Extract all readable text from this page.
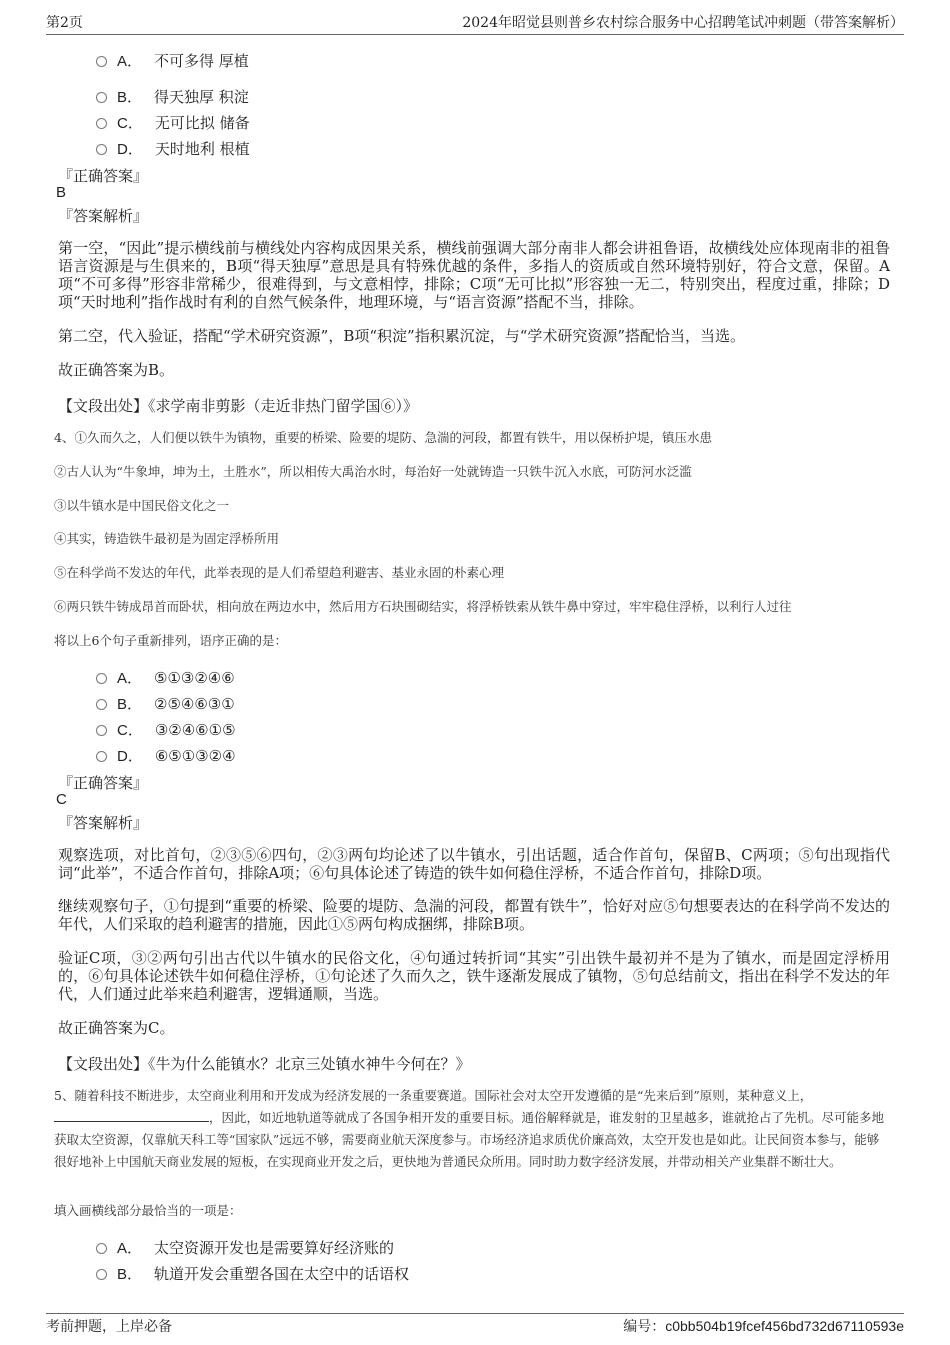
第2页	2024年昭觉县则普乡农村综合服务中心招聘笔试冲刺题（带答案解析）
A． 不可多得 厚植
B． 得天独厚 积淀
C． 无可比拟 储备
D． 天时地利 根植
『正确答案』
B
『答案解析』
第一空，“因此”提示横线前与横线处内容构成因果关系，横线前强调大部分南非人都会讲祖鲁语，故横线处应体现南非的祖鲁语言资源是与生俱来的，B项“得天独厚”意思是具有特殊优越的条件，多指人的资质或自然环境特别好，符合文意，保留。A项“不可多得”形容非常稀少，很难得到，与文意相悖，排除；C项“无可比拟”形容独一无二，特别突出，程度过重，排除；D项“天时地利”指作战时有利的自然气候条件，地理环境，与“语言资源”搭配不当，排除。
第二空，代入验证，搭配“学术研究资源”，B项“积淀”指积累沉淀，与“学术研究资源”搭配恰当，当选。
故正确答案为B。
【文段出处】《求学南非剪影（走近非热门留学国⑥）》
4、①久而久之，人们便以铁牛为镇物，重要的桥梁、险要的堤防、急湍的河段，都置有铁牛，用以保桥护堤，镇压水患
②古人认为“牛象坤，坤为土，土胜水”，所以相传大禹治水时，每治好一处就铸造一只铁牛沉入水底，可防河水泛滥
③以牛镇水是中国民俗文化之一
④其实，铸造铁牛最初是为固定浮桥所用
⑤在科学尚不发达的年代，此举表现的是人们希望趋利避害、基业永固的朴素心理
⑥两只铁牛铸成昂首而卧状，相向放在两边水中，然后用方石块围砌结实，将浮桥铁索从铁牛鼻中穿过，牢牢稳住浮桥，以利行人过往
将以上6个句子重新排列，语序正确的是：
A． ⑤①③②④⑥
B． ②⑤④⑥③①
C． ③②④⑥①⑤
D． ⑥⑤①③②④
『正确答案』
C
『答案解析』
观察选项，对比首句，②③⑤⑥四句，②③两句均论述了以牛镇水，引出话题，适合作首句，保留B、C两项；⑤句出现指代词“此举”，不适合作首句，排除A项；⑥句具体论述了铸造的铁牛如何稳住浮桥，不适合作首句，排除D项。
继续观察句子，①句提到“重要的桥梁、险要的堤防、急湍的河段，都置有铁牛”，恰好对应⑤句想要表达的在科学尚不发达的年代，人们采取的趋利避害的措施，因此①⑤两句构成捆绑，排除B项。
验证C项，③②两句引出古代以牛镇水的民俗文化，④句通过转折词“其实”引出铁牛最初并不是为了镇水，而是固定浮桥用的，⑥句具体论述铁牛如何稳住浮桥，①句论述了久而久之，铁牛逐渐发展成了镇物，⑤句总结前文，指出在科学不发达的年代，人们通过此举来趋利避害，逻辑通顺，当选。
故正确答案为C。
【文段出处】《牛为什么能镇水？北京三处镇水神牛今何在？》
5、随着科技不断进步，太空商业利用和开发成为经济发展的一条重要赛道。国际社会对太空开发遵循的是“先来后到”原则，某种意义上，，因此，如近地轨道等就成了各国争相开发的重要目标。通俗解释就是，谁发射的卫星越多，谁就抢占了先机。尽可能多地获取太空资源，仅靠航天科工等“国家队”远远不够，需要商业航天深度参与。市场经济追求质优价廉高效，太空开发也是如此。让民间资本参与，能够很好地补上中国航天商业发展的短板，在实现商业开发之后，更快地为普通民众所用。同时助力数字经济发展，并带动相关产业集群不断壮大。
填入画横线部分最恰当的一项是：
A． 太空资源开发也是需要算好经济账的
B． 轨道开发会重塑各国在太空中的话语权
考前押题，上岸必备	编号：c0bb504b19fcef456bd732d67110593e
